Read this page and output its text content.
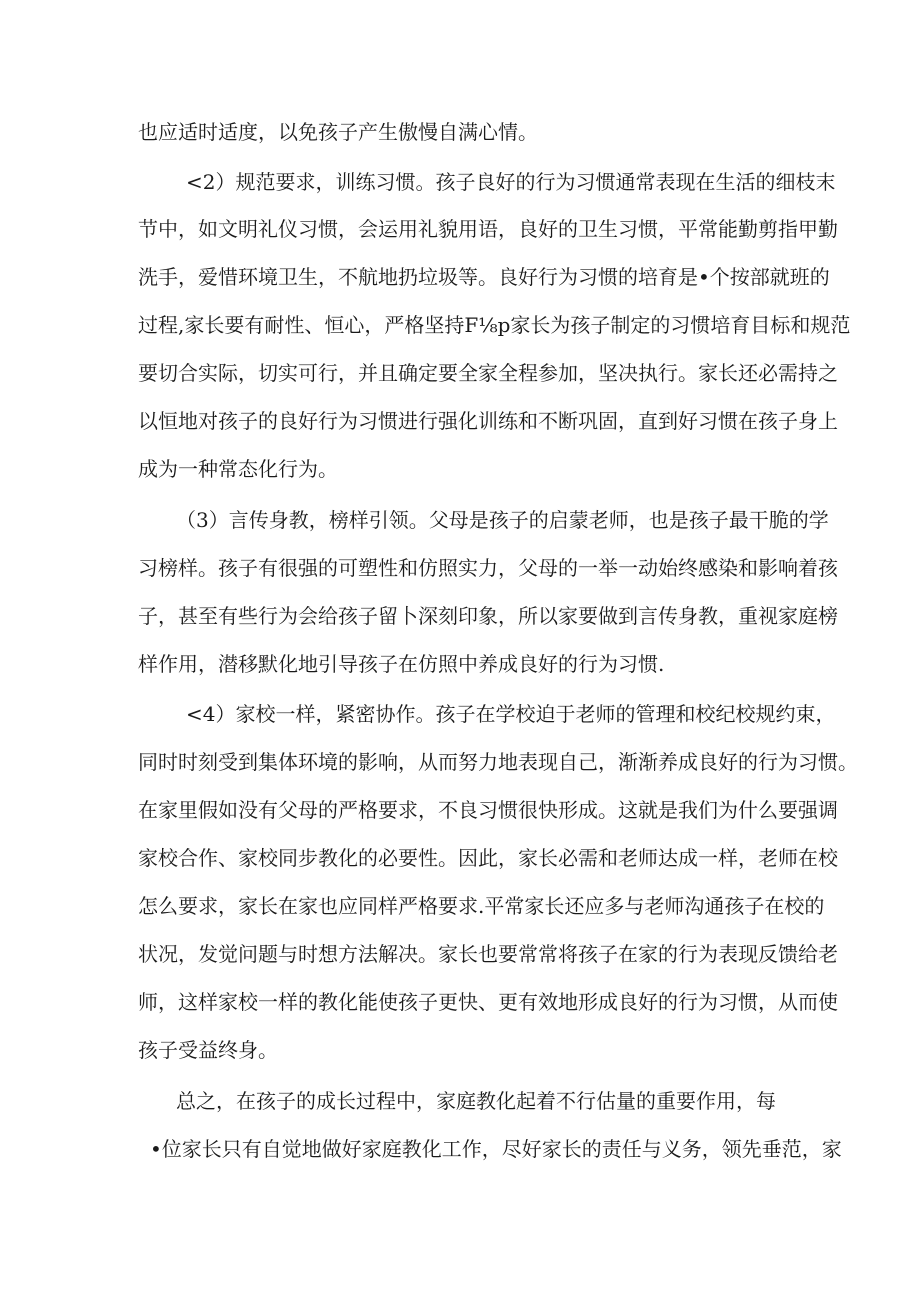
也应适时适度，以免孩子产生傲慢自满心情。
<2）规范要求，训练习惯。孩子良好的行为习惯通常表现在生活的细枝末
节中，如文明礼仪习惯，会运用礼貌用语，良好的卫生习惯，平常能勤剪指甲勤
洗手，爱惜环境卫生，不航地扔垃圾等。良好行为习惯的培育是•个按部就班的
过程,家长要有耐性、恒心，严格坚持F⅛p家长为孩子制定的习惯培育目标和规范
要切合实际，切实可行，并且确定要全家全程参加，坚决执行。家长还必需持之
以恒地对孩子的良好行为习惯进行强化训练和不断巩固，直到好习惯在孩子身上
成为一种常态化行为。
（3）言传身教，榜样引领。父母是孩子的启蒙老师，也是孩子最干脆的学
习榜样。孩子有很强的可塑性和仿照实力，父母的一举一动始终感染和影响着孩
子，甚至有些行为会给孩子留卜深刻印象，所以家要做到言传身教，重视家庭榜
样作用，潜移默化地引导孩子在仿照中养成良好的行为习惯.
<4）家校一样，紧密协作。孩子在学校迫于老师的管理和校纪校规约束，
同时时刻受到集体环境的影响，从而努力地表现自己，渐渐养成良好的行为习惯。
在家里假如没有父母的严格要求，不良习惯很快形成。这就是我们为什么要强调
家校合作、家校同步教化的必要性。因此，家长必需和老师达成一样，老师在校
怎么要求，家长在家也应同样严格要求.平常家长还应多与老师沟通孩子在校的
状况，发觉问题与时想方法解决。家长也要常常将孩子在家的行为表现反馈给老
师，这样家校一样的教化能使孩子更快、更有效地形成良好的行为习惯，从而使
孩子受益终身。
总之，在孩子的成长过程中，家庭教化起着不行估量的重要作用，每
•位家长只有自觉地做好家庭教化工作，尽好家长的责任与义务，领先垂范，家
